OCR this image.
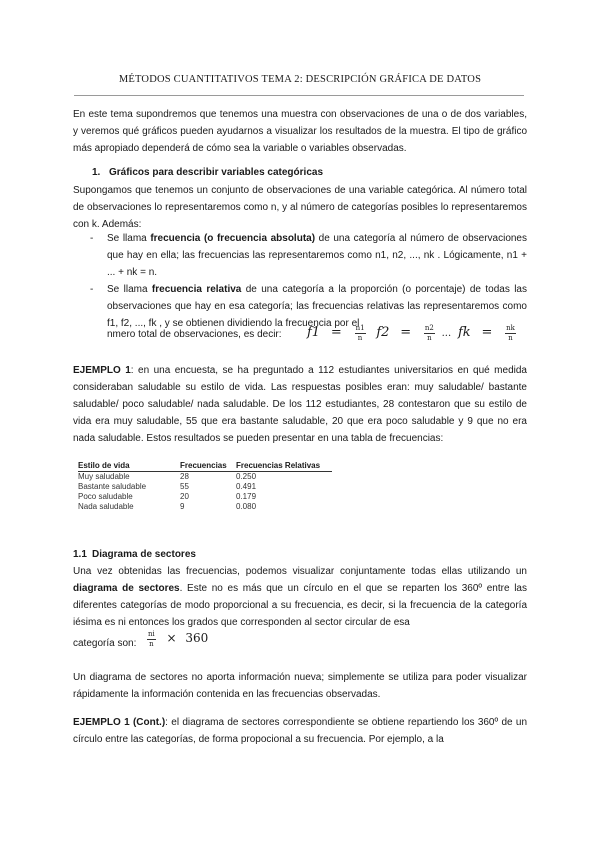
MÉTODOS CUANTITATIVOS TEMA 2: DESCRIPCIÓN GRÁFICA DE DATOS
En este tema supondremos que tenemos una muestra con observaciones de una o de dos variables, y veremos qué gráficos pueden ayudarnos a visualizar los resultados de la muestra. El tipo de gráfico más apropiado dependerá de cómo sea la variable o variables observadas.
1. Gráficos para describir variables categóricas
Supongamos que tenemos un conjunto de observaciones de una variable categórica. Al número total de observaciones lo representaremos como n, y al número de categorías posibles lo representaremos con k. Además:
- Se llama frecuencia (o frecuencia absoluta) de una categoría al número de observaciones que hay en ella; las frecuencias las representaremos como n1, n2, ..., nk . Lógicamente, n1 + ... + nk = n.
- Se llama frecuencia relativa de una categoría a la proporción (o porcentaje) de todas las observaciones que hay en esa categoría; las frecuencias relativas las representaremos como f1, f2, ..., fk , y se obtienen dividiendo la frecuencia por el
nmero total de observaciones, es decir: $f1 = \frac{n1}{n} f2 = \frac{n2}{n}$ ... fk = $\frac{nk}{n}$
EJEMPLO 1: en una encuesta, se ha preguntado a 112 estudiantes universitarios en qué medida consideraban saludable su estilo de vida. Las respuestas posibles eran: muy saludable/ bastante saludable/ poco saludable/ nada saludable. De los 112 estudiantes, 28 contestaron que su estilo de vida era muy saludable, 55 que era bastante saludable, 20 que era poco saludable y 9 que no era nada saludable. Estos resultados se pueden presentar en una tabla de frecuencias:
Estilo de vida	Frecuencias	Frecuencias Relativas
Muy saludable	28	0.250
Bastante saludable	55	0.491
Poco saludable	20	0.179
Nada saludable	9	0.080
1.1 Diagrama de sectores
Una vez obtenidas las frecuencias, podemos visualizar conjuntamente todas ellas utilizando un diagrama de sectores. Este no es más que un círculo en el que se reparten los 360º entre las diferentes categorías de modo proporcional a su frecuencia, es decir, si la frecuencia de la categoría iésima es ni entonces los grados que corresponden al sector circular de esa
categoría son: $\frac{ni}{n} \times 360$
Un diagrama de sectores no aporta información nueva; simplemente se utiliza para poder visualizar rápidamente la información contenida en las frecuencias observadas.
EJEMPLO 1 (Cont.): el diagrama de sectores correspondiente se obtiene repartiendo los 360º de un círculo entre las categorías, de forma propocional a su frecuencia. Por ejemplo, a la
